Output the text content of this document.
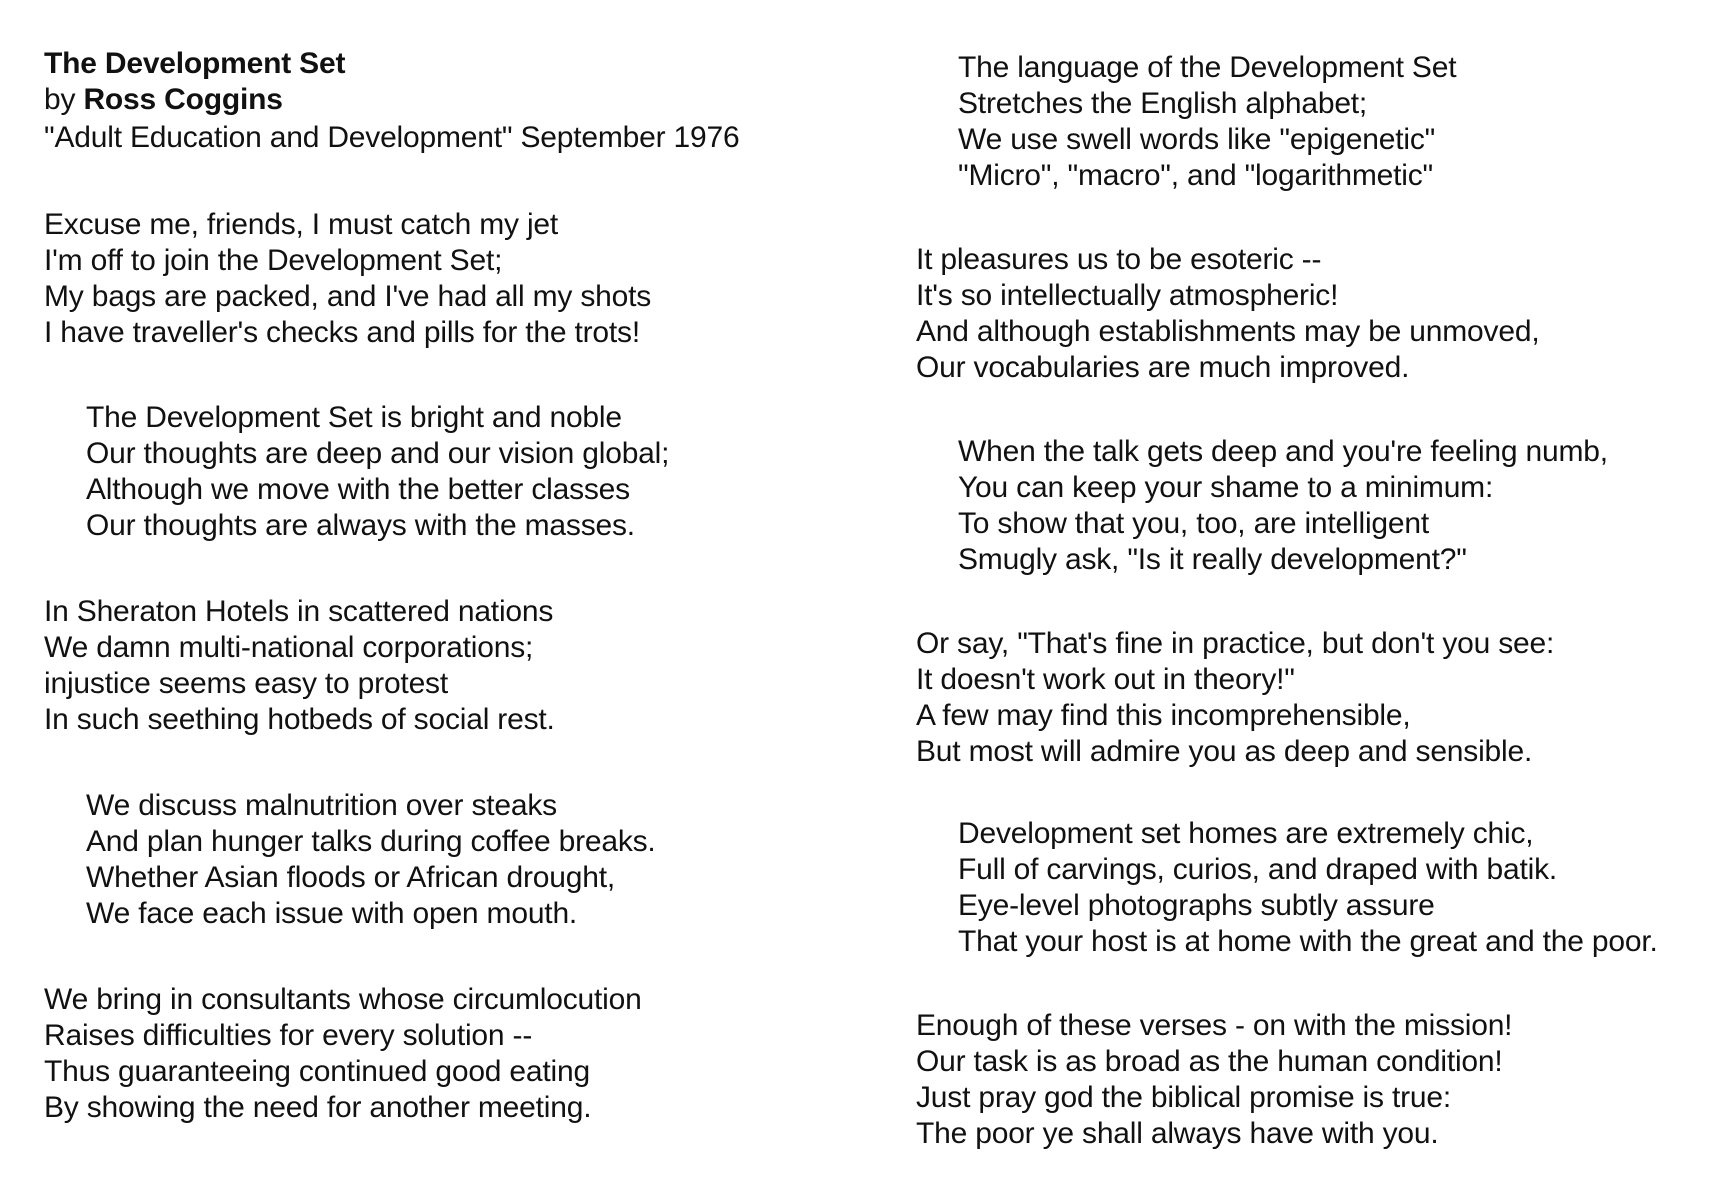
The Development Set
by Ross Coggins
"Adult Education and Development" September 1976
Excuse me, friends, I must catch my jet
I'm off to join the Development Set;
My bags are packed, and I've had all my shots
I have traveller's checks and pills for the trots!
The Development Set is bright and noble
Our thoughts are deep and our vision global;
Although we move with the better classes
Our thoughts are always with the masses.
In Sheraton Hotels in scattered nations
We damn multi-national corporations;
injustice seems easy to protest
In such seething hotbeds of social rest.
We discuss malnutrition over steaks
And plan hunger talks during coffee breaks.
Whether Asian floods or African drought,
We face each issue with open mouth.
We bring in consultants whose circumlocution
Raises difficulties for every solution --
Thus guaranteeing continued good eating
By showing the need for another meeting.
The language of the Development Set
Stretches the English alphabet;
We use swell words like "epigenetic"
"Micro", "macro", and "logarithmetic"
It pleasures us to be esoteric --
It's so intellectually atmospheric!
And although establishments may be unmoved,
Our vocabularies are much improved.
When the talk gets deep and you're feeling numb,
You can keep your shame to a minimum:
To show that you, too, are intelligent
Smugly ask, "Is it really development?"
Or say, "That's fine in practice, but don't you see:
It doesn't work out in theory!"
A few may find this incomprehensible,
But most will admire you as deep and sensible.
Development set homes are extremely chic,
Full of carvings, curios, and draped with batik.
Eye-level photographs subtly assure
That your host is at home with the great and the poor.
Enough of these verses - on with the mission!
Our task is as broad as the human condition!
Just pray god the biblical promise is true:
The poor ye shall always have with you.
